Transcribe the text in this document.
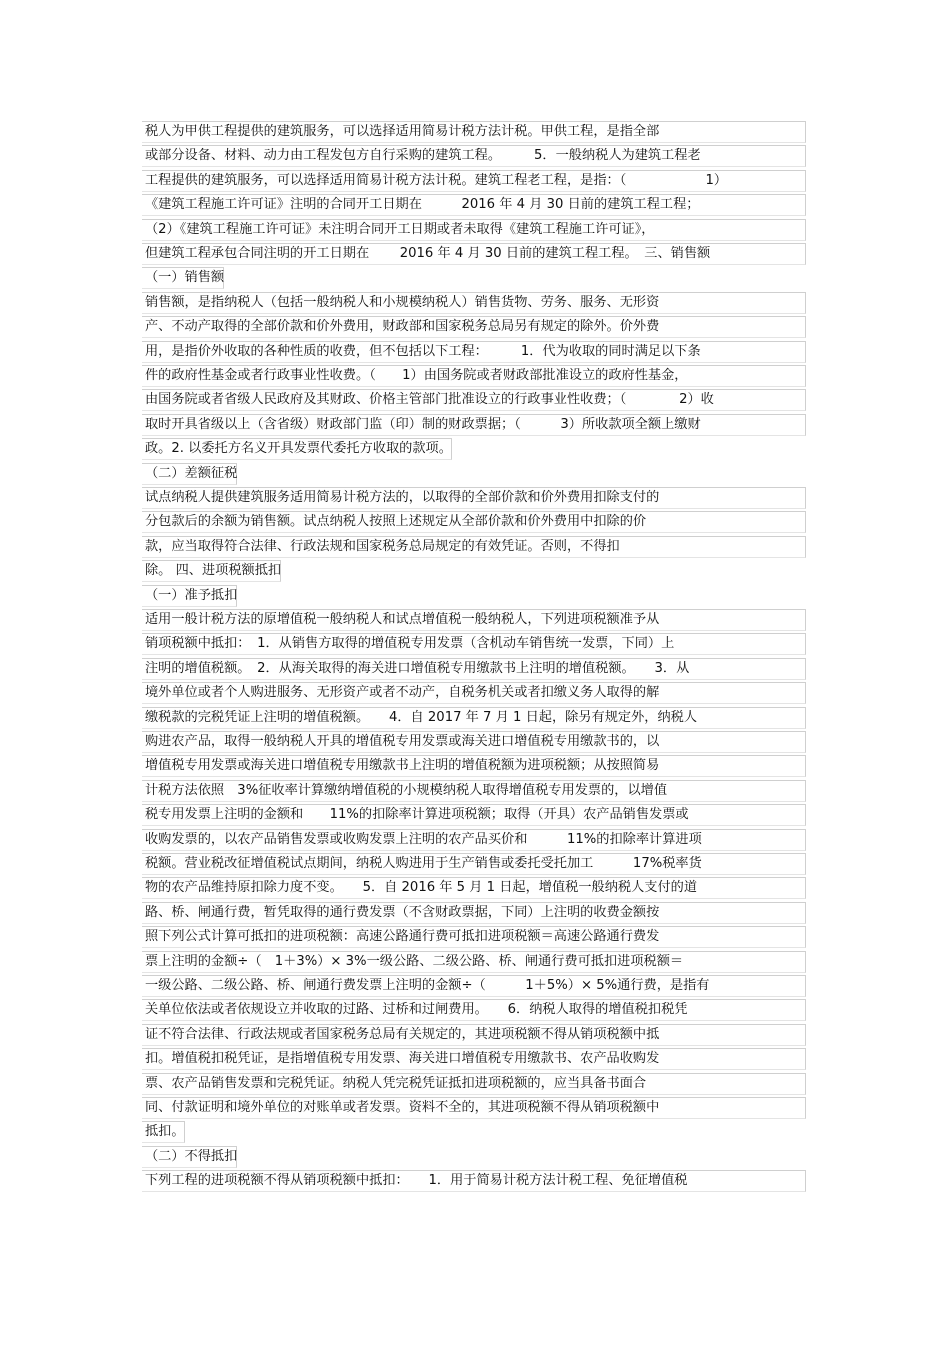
税人为甲供工程提供的建筑服务，可以选择适用简易计税方法计税。甲供工程，是指全部
或部分设备、材料、动力由工程发包方自行采购的建筑工程。　　　5．一般纳税人为建筑工程老
工程提供的建筑服务，可以选择适用简易计税方法计税。建筑工程老工程，是指：（　　　　　　1）
《建筑工程施工许可证》注明的合同开工日期在　　　2016 年 4 月 30 日前的建筑工程工程；
（2）《建筑工程施工许可证》未注明合同开工日期或者未取得《建筑工程施工许可证》，
但建筑工程承包合同注明的开工日期在　　 2016 年 4 月 30 日前的建筑工程工程。　三、销售额
（一）销售额
销售额，是指纳税人（包括一般纳税人和小规模纳税人）销售货物、劳务、服务、无形资
产、不动产取得的全部价款和价外费用，财政部和国家税务总局另有规定的除外。价外费
用，是指价外收取的各种性质的收费，但不包括以下工程：　　　1．代为收取的同时满足以下条
件的政府性基金或者行政事业性收费。（　　1）由国务院或者财政部批准设立的政府性基金，
由国务院或者省级人民政府及其财政、价格主管部门批准设立的行政事业性收费；（　　　　2）收
取时开具省级以上（含省级）财政部门监（印）制的财政票据；（　　　3）所收款项全额上缴财
政。2. 以委托方名义开具发票代委托方收取的款项。
（二）差额征税
试点纳税人提供建筑服务适用简易计税方法的，以取得的全部价款和价外费用扣除支付的
分包款后的余额为销售额。试点纳税人按照上述规定从全部价款和价外费用中扣除的价
款，应当取得符合法律、行政法规和国家税务总局规定的有效凭证。否则，不得扣
除。 四、进项税额抵扣
（一）准予抵扣
适用一般计税方法的原增值税一般纳税人和试点增值税一般纳税人，下列进项税额准予从
销项税额中抵扣：　1．从销售方取得的增值税专用发票（含机动车销售统一发票，下同）上
注明的增值税额。　2．从海关取得的海关进口增值税专用缴款书上注明的增值税额。　　3．从
境外单位或者个人购进服务、无形资产或者不动产，自税务机关或者扣缴义务人取得的解
缴税款的完税凭证上注明的增值税额。　　4．自 2017 年 7 月 1 日起，除另有规定外，纳税人
购进农产品，取得一般纳税人开具的增值税专用发票或海关进口增值税专用缴款书的，以
增值税专用发票或海关进口增值税专用缴款书上注明的增值税额为进项税额；从按照简易
计税方法依照　3%征收率计算缴纳增值税的小规模纳税人取得增值税专用发票的，以增值
税专用发票上注明的金额和　　11%的扣除率计算进项税额；取得（开具）农产品销售发票或
收购发票的，以农产品销售发票或收购发票上注明的农产品买价和　　　11%的扣除率计算进项
税额。营业税改征增值税试点期间，纳税人购进用于生产销售或委托受托加工　　　17%税率货
物的农产品维持原扣除力度不变。　　5．自 2016 年 5 月 1 日起，增值税一般纳税人支付的道
路、桥、闸通行费，暂凭取得的通行费发票（不含财政票据，下同）上注明的收费金额按
照下列公式计算可抵扣的进项税额：高速公路通行费可抵扣进项税额＝高速公路通行费发
票上注明的金额÷（　1＋3%）× 3%一级公路、二级公路、桥、闸通行费可抵扣进项税额＝
一级公路、二级公路、桥、闸通行费发票上注明的金额÷（　　　1＋5%）× 5%通行费，是指有
关单位依法或者依规设立并收取的过路、过桥和过闸费用。　　6．纳税人取得的增值税扣税凭
证不符合法律、行政法规或者国家税务总局有关规定的，其进项税额不得从销项税额中抵
扣。增值税扣税凭证，是指增值税专用发票、海关进口增值税专用缴款书、农产品收购发
票、农产品销售发票和完税凭证。纳税人凭完税凭证抵扣进项税额的，应当具备书面合
同、付款证明和境外单位的对账单或者发票。资料不全的，其进项税额不得从销项税额中
抵扣。
（二）不得抵扣
下列工程的进项税额不得从销项税额中抵扣：　　1．用于简易计税方法计税工程、免征增值税
